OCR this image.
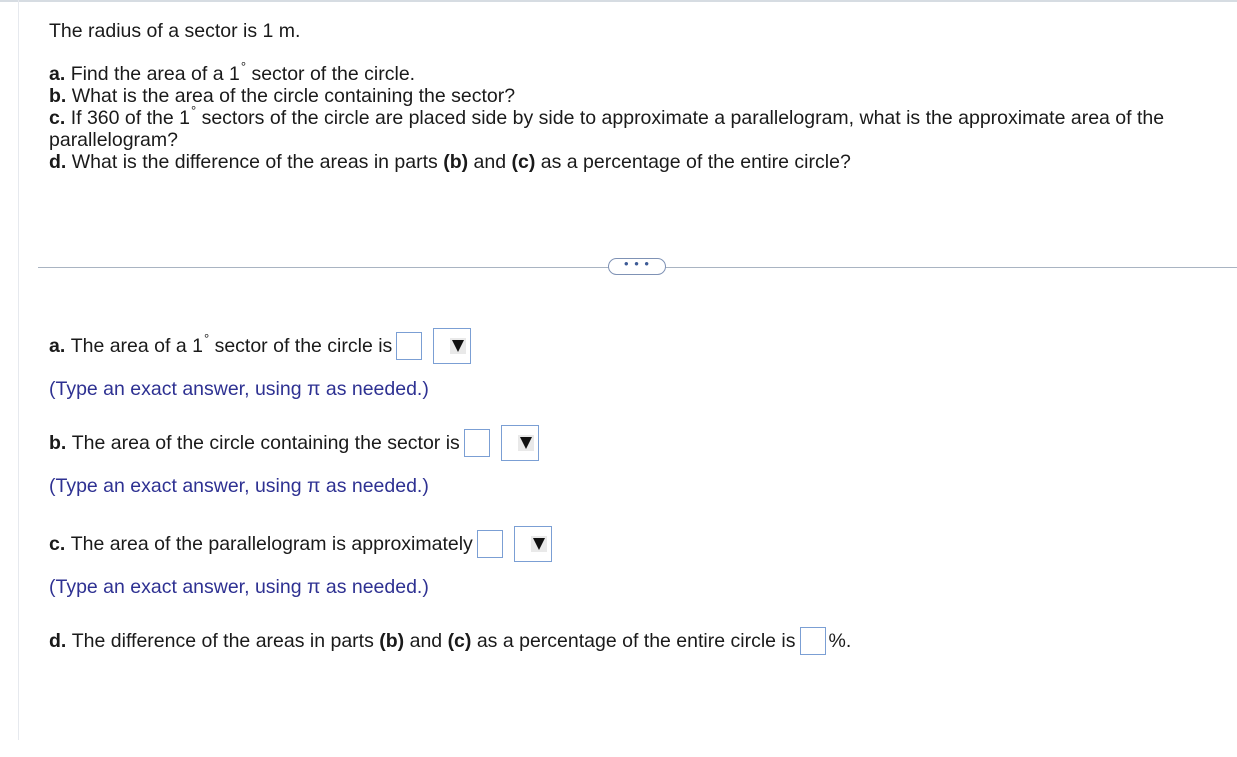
The radius of a sector is 1 m.

a. Find the area of a 1° sector of the circle.

b. What is the area of the circle containing the sector?

c. If 360 of the 1° sectors of the circle are placed side by side to approximate a parallelogram, what is the approximate area of the parallelogram?

d. What is the difference of the areas in parts (b) and (c) as a percentage of the entire circle?

• • •
a.
The area of a 1°
sector of the circle is
(Type an exact answer, using π as needed.)
b.
The area of the circle containing the sector is
(Type an exact answer, using π as needed.)
c.
The area of the parallelogram is approximately
(Type an exact answer, using π as needed.)
d.
The difference of the areas in parts
(b)
and
(c)
as a percentage of the entire circle is %.
